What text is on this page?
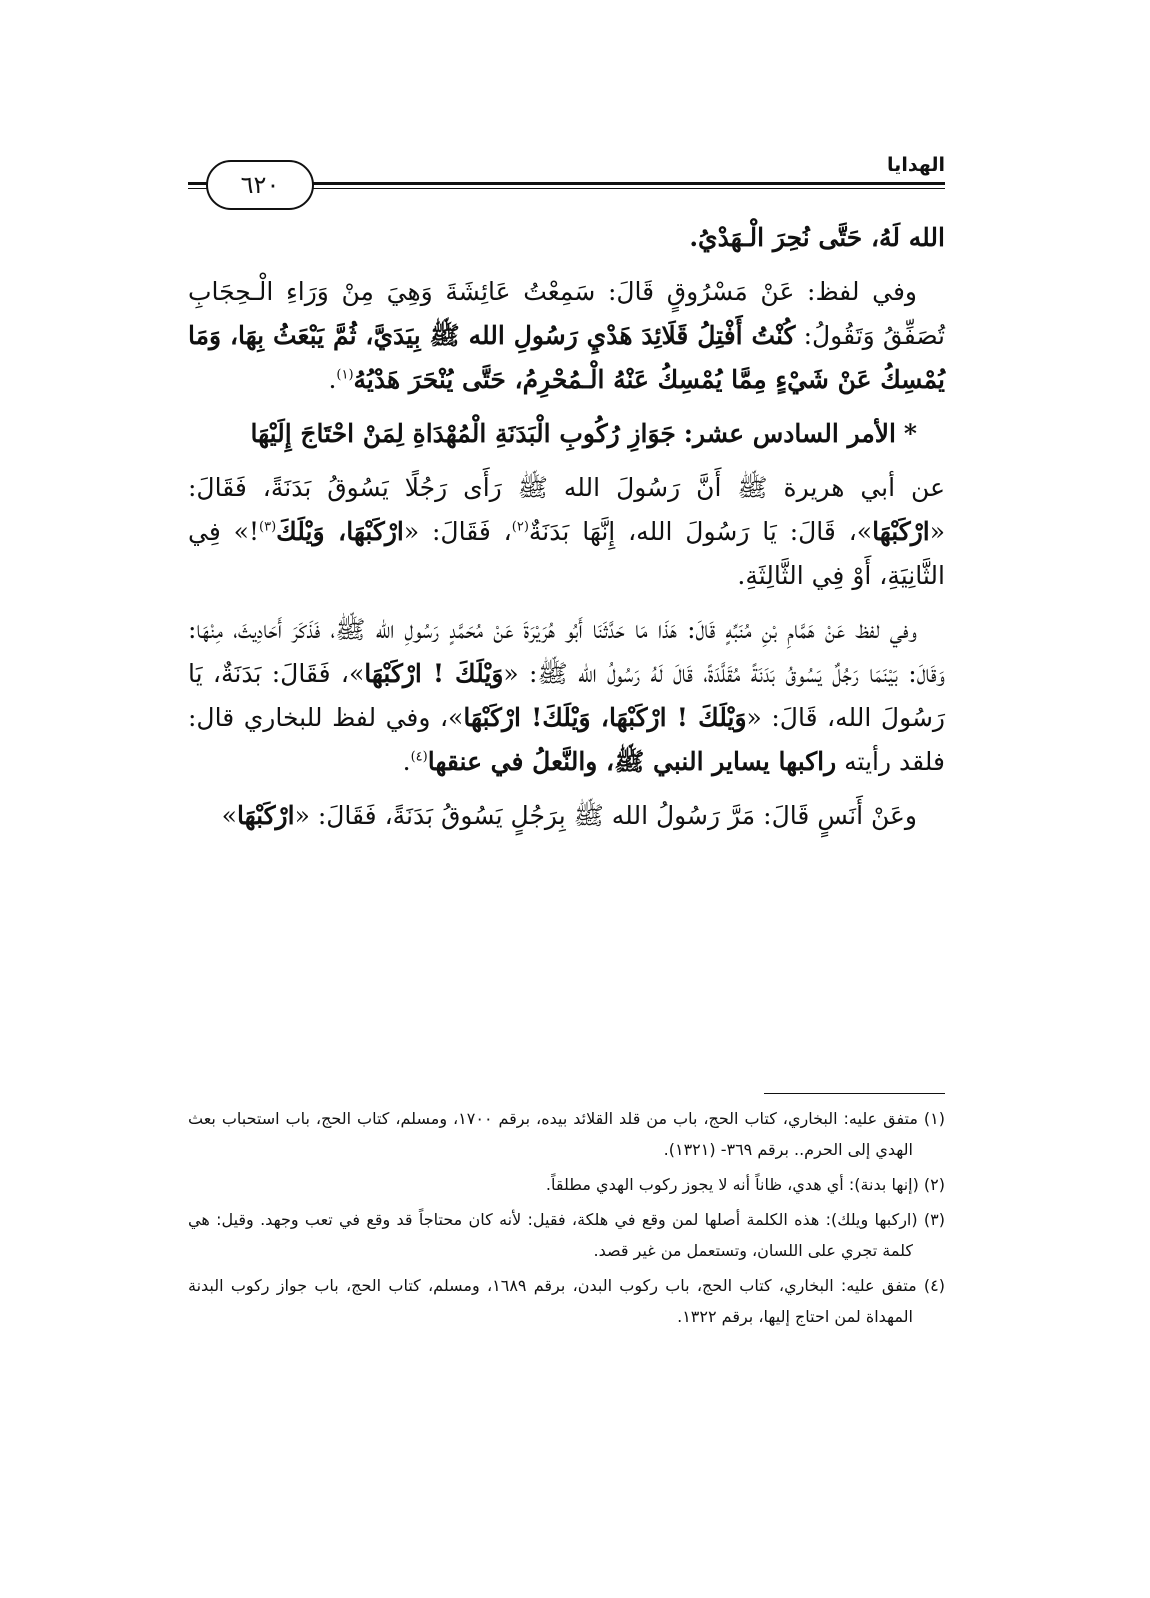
الهدايا
٦٢٠

الله لَهُ، حَتَّى نُحِرَ الْـهَدْيُ.

وفي لفظ: عَنْ مَسْرُوقٍ قَالَ: سَمِعْتُ عَائِشَةَ وَهِيَ مِنْ وَرَاءِ الْـحِجَابِ تُصَفِّقُ وَتَقُولُ: كُنْتُ أَفْتِلُ قَلَائِدَ هَدْيِ رَسُولِ الله ﷺ بِيَدَيَّ، ثُمَّ يَبْعَثُ بِهَا، وَمَا يُمْسِكُ عَنْ شَيْءٍ مِمَّا يُمْسِكُ عَنْهُ الْـمُحْرِمُ، حَتَّى يُنْحَرَ هَدْيُهُ$^{(١)}$.

* الأمر السادس عشر: جَوَازِ رُكُوبِ الْبَدَنَةِ الْمُهْدَاةِ لِمَنْ احْتَاجَ إِلَيْهَا

عن أبي هريرة ﷺ أَنَّ رَسُولَ الله ﷺ رَأَى رَجُلًا يَسُوقُ بَدَنَةً، فَقَالَ: «ارْكَبْهَا»، قَالَ: يَا رَسُولَ الله، إِنَّهَا بَدَنَةٌ$^{(٢)}$، فَقَالَ: «ارْكَبْهَا، وَيْلَكَ$^{(٣)}$!» فِي الثَّانِيَةِ، أَوْ فِي الثَّالِثَةِ.

وفي لفظ عَنْ هَمَّامِ بْنِ مُنَبِّهٍ قَالَ: هَذَا مَا حَدَّثَنَا أَبُو هُرَيْرَةَ عَنْ مُحَمَّدٍ رَسُولِ الله ﷺ، فَذَكَرَ أَحَادِيثَ، مِنْهَا: وَقَالَ: بَيْنَمَا رَجُلٌ يَسُوقُ بَدَنَةً مُقَلَّدَةً، قَالَ لَهُ رَسُولُ الله ﷺ: «وَيْلَكَ ! ارْكَبْهَا»، فَقَالَ: بَدَنَةٌ، يَا رَسُولَ الله، قَالَ: «وَيْلَكَ ! ارْكَبْهَا، وَيْلَكَ! ارْكَبْهَا»، وفي لفظ للبخاري قال: فلقد رأيته راكبها يساير النبي ﷺ، والنَّعلُ في عنقها$^{(٤)}$.

وعَنْ أَنَسٍ قَالَ: مَرَّ رَسُولُ الله ﷺ بِرَجُلٍ يَسُوقُ بَدَنَةً، فَقَالَ: «ارْكَبْهَا»

(١) متفق عليه: البخاري، كتاب الحج، باب من قلد القلائد بيده، برقم ١٧٠٠، ومسلم، كتاب الحج، باب استحباب بعث الهدي إلى الحرم.. برقم ٣٦٩- (١٣٢١).

(٢) (إنها بدنة): أي هدي، ظاناً أنه لا يجوز ركوب الهدي مطلقاً.

(٣) (اركبها ويلك): هذه الكلمة أصلها لمن وقع في هلكة، فقيل: لأنه كان محتاجاً قد وقع في تعب وجهد. وقيل: هي كلمة تجري على اللسان، وتستعمل من غير قصد.

(٤) متفق عليه: البخاري، كتاب الحج، باب ركوب البدن، برقم ١٦٨٩، ومسلم، كتاب الحج، باب جواز ركوب البدنة المهداة لمن احتاج إليها، برقم ١٣٢٢.
